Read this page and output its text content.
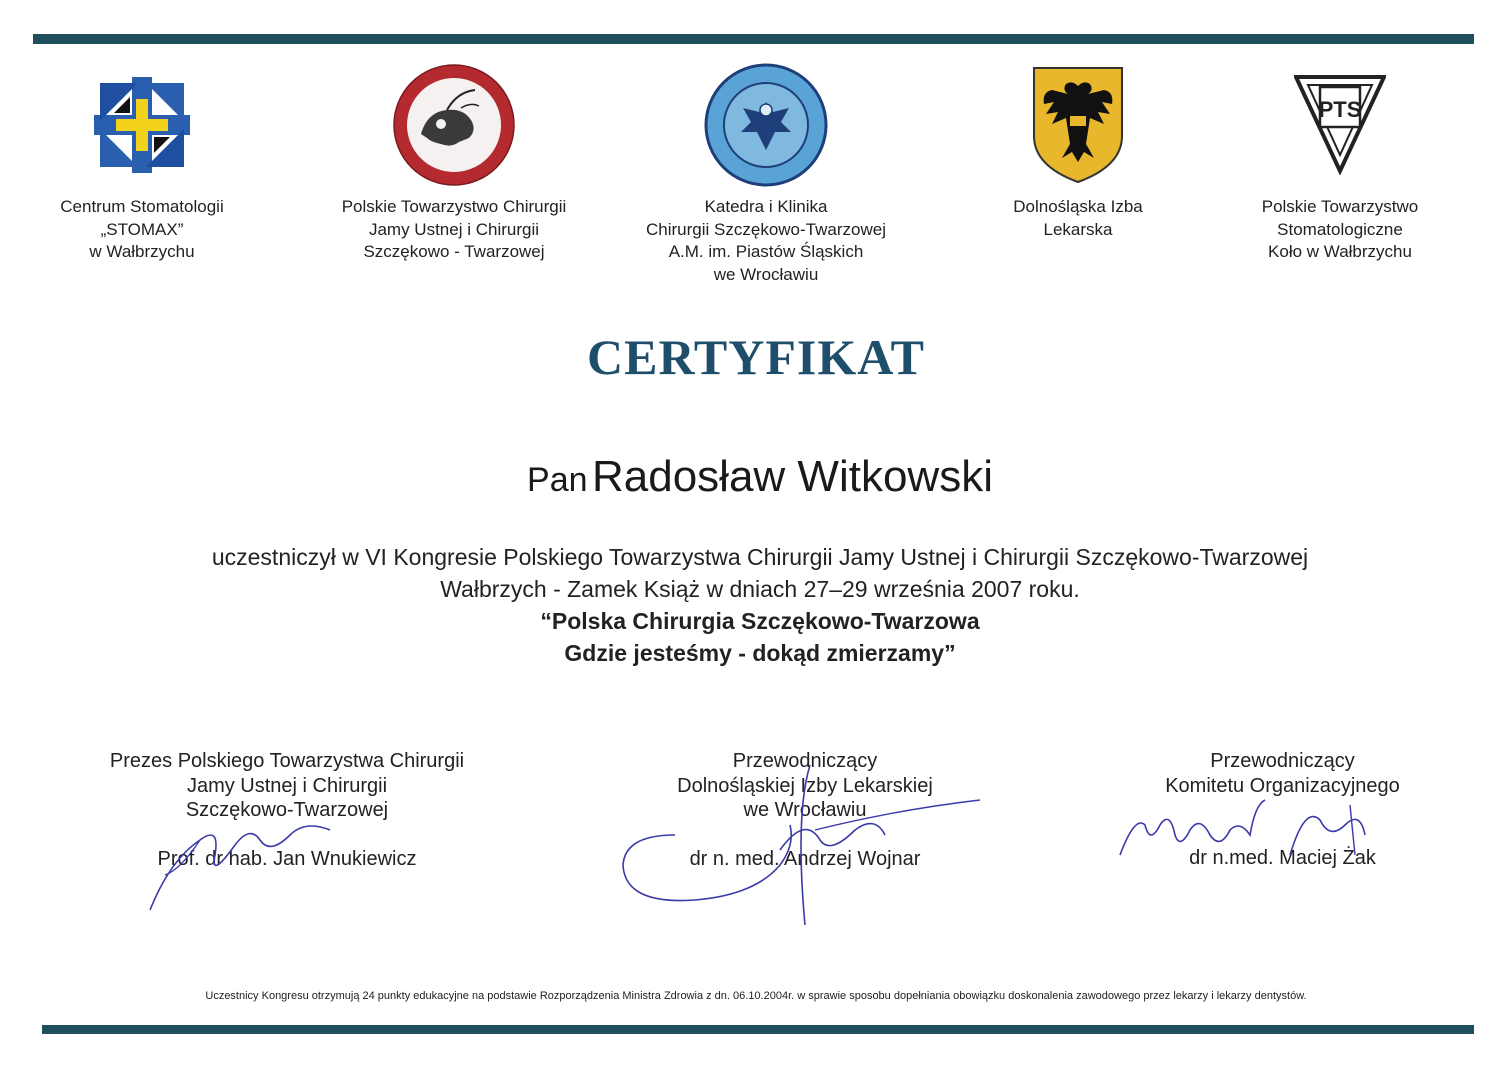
Centrum Stomatologii
„STOMAX”
w Wałbrzychu
Polskie Towarzystwo Chirurgii
Jamy Ustnej i Chirurgii
Szczękowo - Twarzowej
Katedra i Klinika
Chirurgii Szczękowo-Twarzowej
A.M. im. Piastów Śląskich
we Wrocławiu
Dolnośląska Izba
Lekarska
PTS
Polskie Towarzystwo
Stomatologiczne
Koło w Wałbrzychu
CERTYFIKAT
Pan Radosław Witkowski
uczestniczył w VI Kongresie Polskiego Towarzystwa Chirurgii Jamy Ustnej i Chirurgii Szczękowo-Twarzowej
Wałbrzych - Zamek Książ w dniach 27–29 września 2007 roku.
“Polska Chirurgia Szczękowo-Twarzowa
Gdzie jesteśmy - dokąd zmierzamy”
Prezes Polskiego Towarzystwa Chirurgii
Jamy Ustnej i Chirurgii
Szczękowo-Twarzowej
Prof. dr hab. Jan Wnukiewicz
Przewodniczący
Dolnośląskiej Izby Lekarskiej
we Wrocławiu
dr n. med. Andrzej Wojnar
Przewodniczący
Komitetu Organizacyjnego
dr n.med. Maciej Żak
Uczestnicy Kongresu otrzymują 24 punkty edukacyjne na podstawie Rozporządzenia Ministra Zdrowia z dn. 06.10.2004r. w sprawie sposobu dopełniania obowiązku doskonalenia zawodowego przez lekarzy i lekarzy dentystów.
